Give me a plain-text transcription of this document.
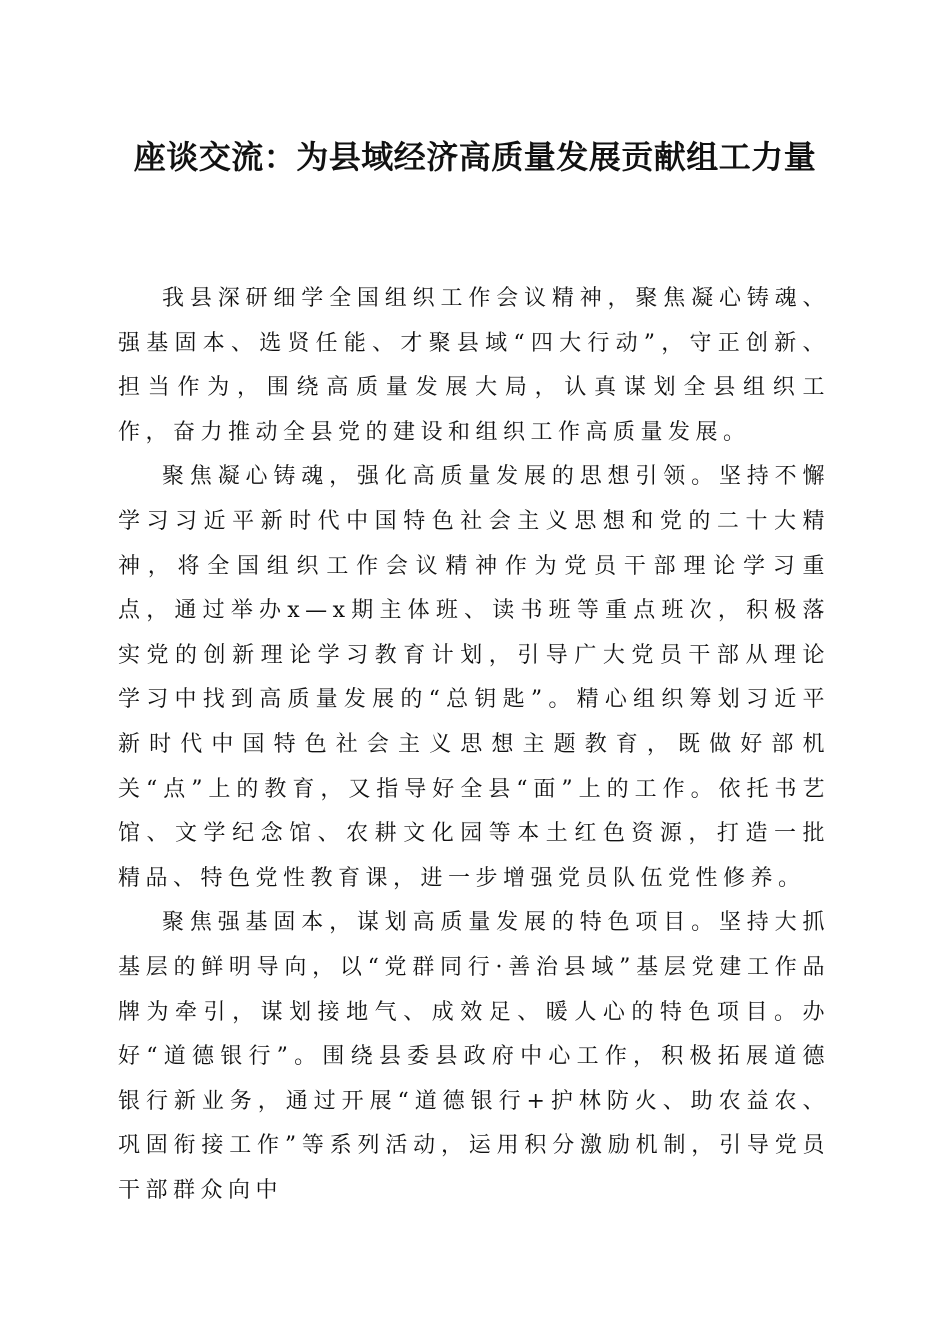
座谈交流：为县域经济高质量发展贡献组工力量

我县深研细学全国组织工作会议精神，聚焦凝心铸魂、强基固本、选贤任能、才聚县域“四大行动”，守正创新、担当作为，围绕高质量发展大局，认真谋划全县组织工作，奋力推动全县党的建设和组织工作高质量发展。

聚焦凝心铸魂，强化高质量发展的思想引领。坚持不懈学习习近平新时代中国特色社会主义思想和党的二十大精神，将全国组织工作会议精神作为党员干部理论学习重点，通过举办x—x期主体班、读书班等重点班次，积极落实党的创新理论学习教育计划，引导广大党员干部从理论学习中找到高质量发展的“总钥匙”。精心组织筹划习近平新时代中国特色社会主义思想主题教育，既做好部机关“点”上的教育，又指导好全县“面”上的工作。依托书艺馆、文学纪念馆、农耕文化园等本土红色资源，打造一批精品、特色党性教育课，进一步增强党员队伍党性修养。

聚焦强基固本，谋划高质量发展的特色项目。坚持大抓基层的鲜明导向，以“党群同行·善治县域”基层党建工作品牌为牵引，谋划接地气、成效足、暖人心的特色项目。办好“道德银行”。围绕县委县政府中心工作，积极拓展道德银行新业务，通过开展“道德银行+护林防火、助农益农、巩固衔接工作”等系列活动，运用积分激励机制，引导党员干部群众向中
